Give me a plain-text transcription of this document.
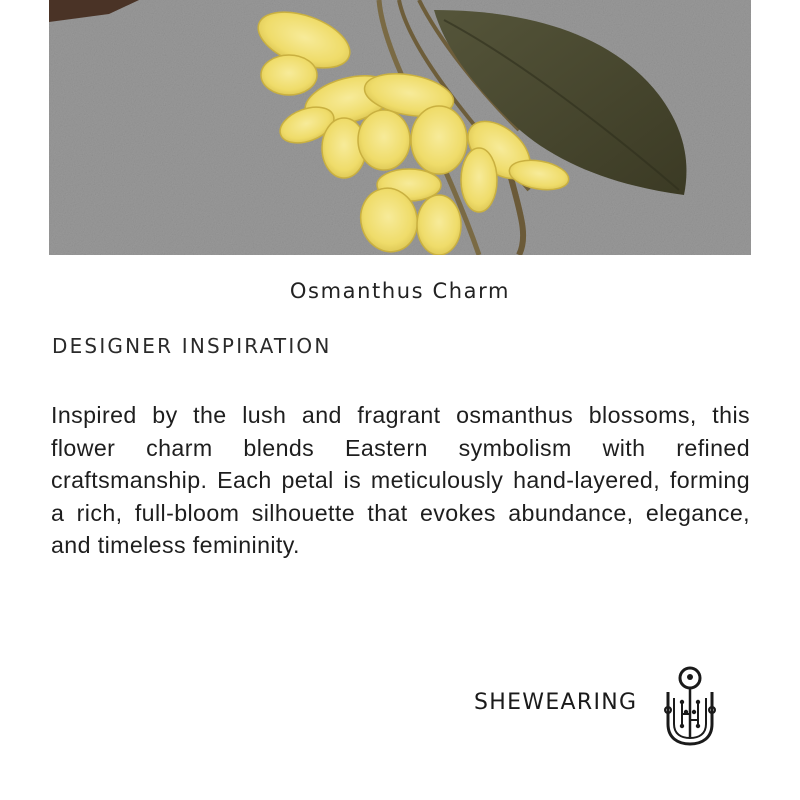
Osmanthus Charm
DESIGNER INSPIRATION

Inspired by the lush and fragrant osmanthus blossoms, this flower charm blends Eastern symbolism with refined craftsmanship. Each petal is meticulously hand-layered, forming a rich, full-bloom silhouette that evokes abundance, elegance, and timeless femininity.

SHEWEARING
